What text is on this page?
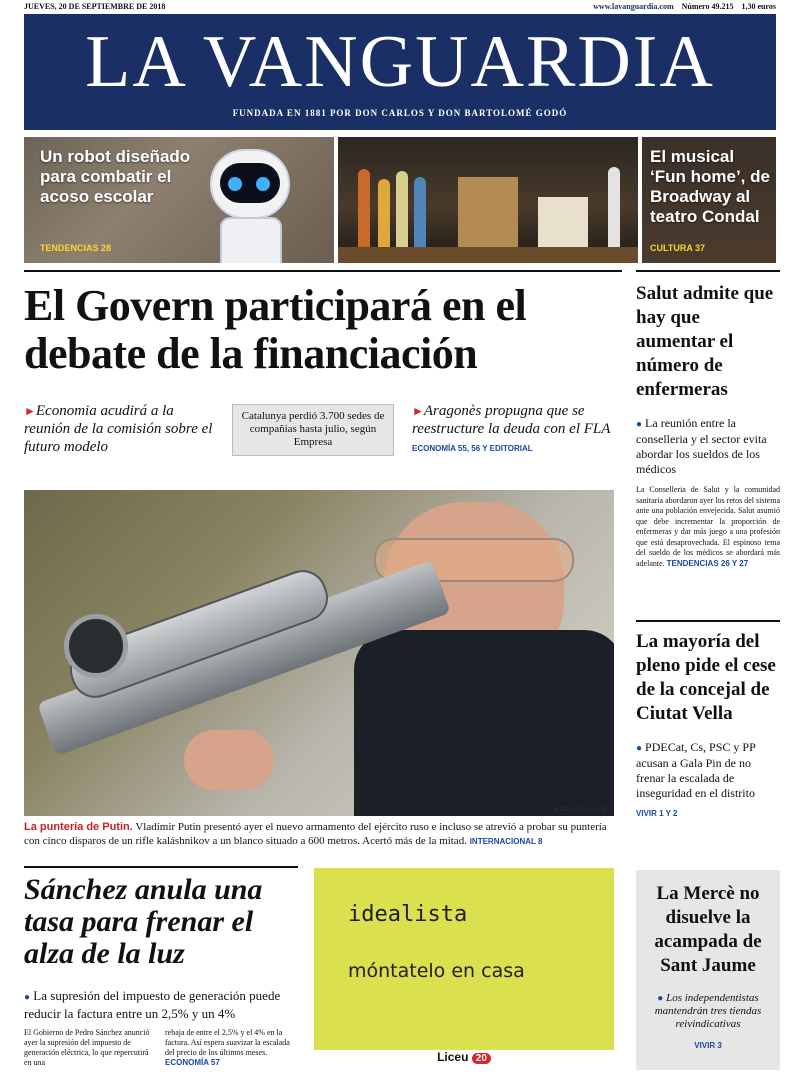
JUEVES, 20 DE SEPTIEMBRE DE 2018	www.lavanguardia.com Número 49.215 1,30 euros
LA VANGUARDIA
FUNDADA EN 1881 POR DON CARLOS Y DON BARTOLOMÉ GODÓ
Un robot diseñado para combatir el acoso escolar
TENDENCIAS 28
El musical ‘Fun home’, de Broadway al teatro Condal
CULTURA 37
El Govern participará en el debate de la financiación
►Economia acudirá a la reunión de la comisión sobre el futuro modelo
Catalunya perdió 3.700 sedes de compañías hasta julio, según Empresa
►Aragonès propugna que se reestructure la deuda con el FLA ECONOMÍA 55, 56 Y EDITORIAL
ALEXEI NIKOLSKY / AP
La puntería de Putin. Vladímir Putin presentó ayer el nuevo armamento del ejército ruso e incluso se atrevió a probar su puntería con cinco disparos de un rifle kaláshnikov a un blanco situado a 600 metros. Acertó más de la mitad. INTERNACIONAL 8
Sánchez anula una tasa para frenar el alza de la luz
● La supresión del impuesto de generación puede reducir la factura entre un 2,5% y un 4%
El Gobierno de Pedro Sánchez anunció ayer la supresión del impuesto de generación eléctrica, lo que repercutirá en una
rebaja de entre el 2,5% y el 4% en la factura. Así espera suavizar la escalada del precio de los últimos meses. ECONOMÍA 57
idealista
móntatelo en casa
Liceu 20
Salut admite que hay que aumentar el número de enfermeras
● La reunión entre la conselleria y el sector evita abordar los sueldos de los médicos
La Conselleria de Salut y la comunidad sanitaria abordaron ayer los retos del sistema ante una población envejecida. Salut asumió que debe incrementar la proporción de enfermeras y dar más juego a una profesión que está desaprovechada. El espinoso tema del sueldo de los médicos se abordará más adelante. TENDENCIAS 26 Y 27
La mayoría del pleno pide el cese de la concejal de Ciutat Vella
● PDECat, Cs, PSC y PP acusan a Gala Pin de no frenar la escalada de inseguridad en el distrito
VIVIR 1 Y 2
La Mercè no disuelve la acampada de Sant Jaume
● Los independentistas mantendrán tres tiendas reivindicativas
VIVIR 3
